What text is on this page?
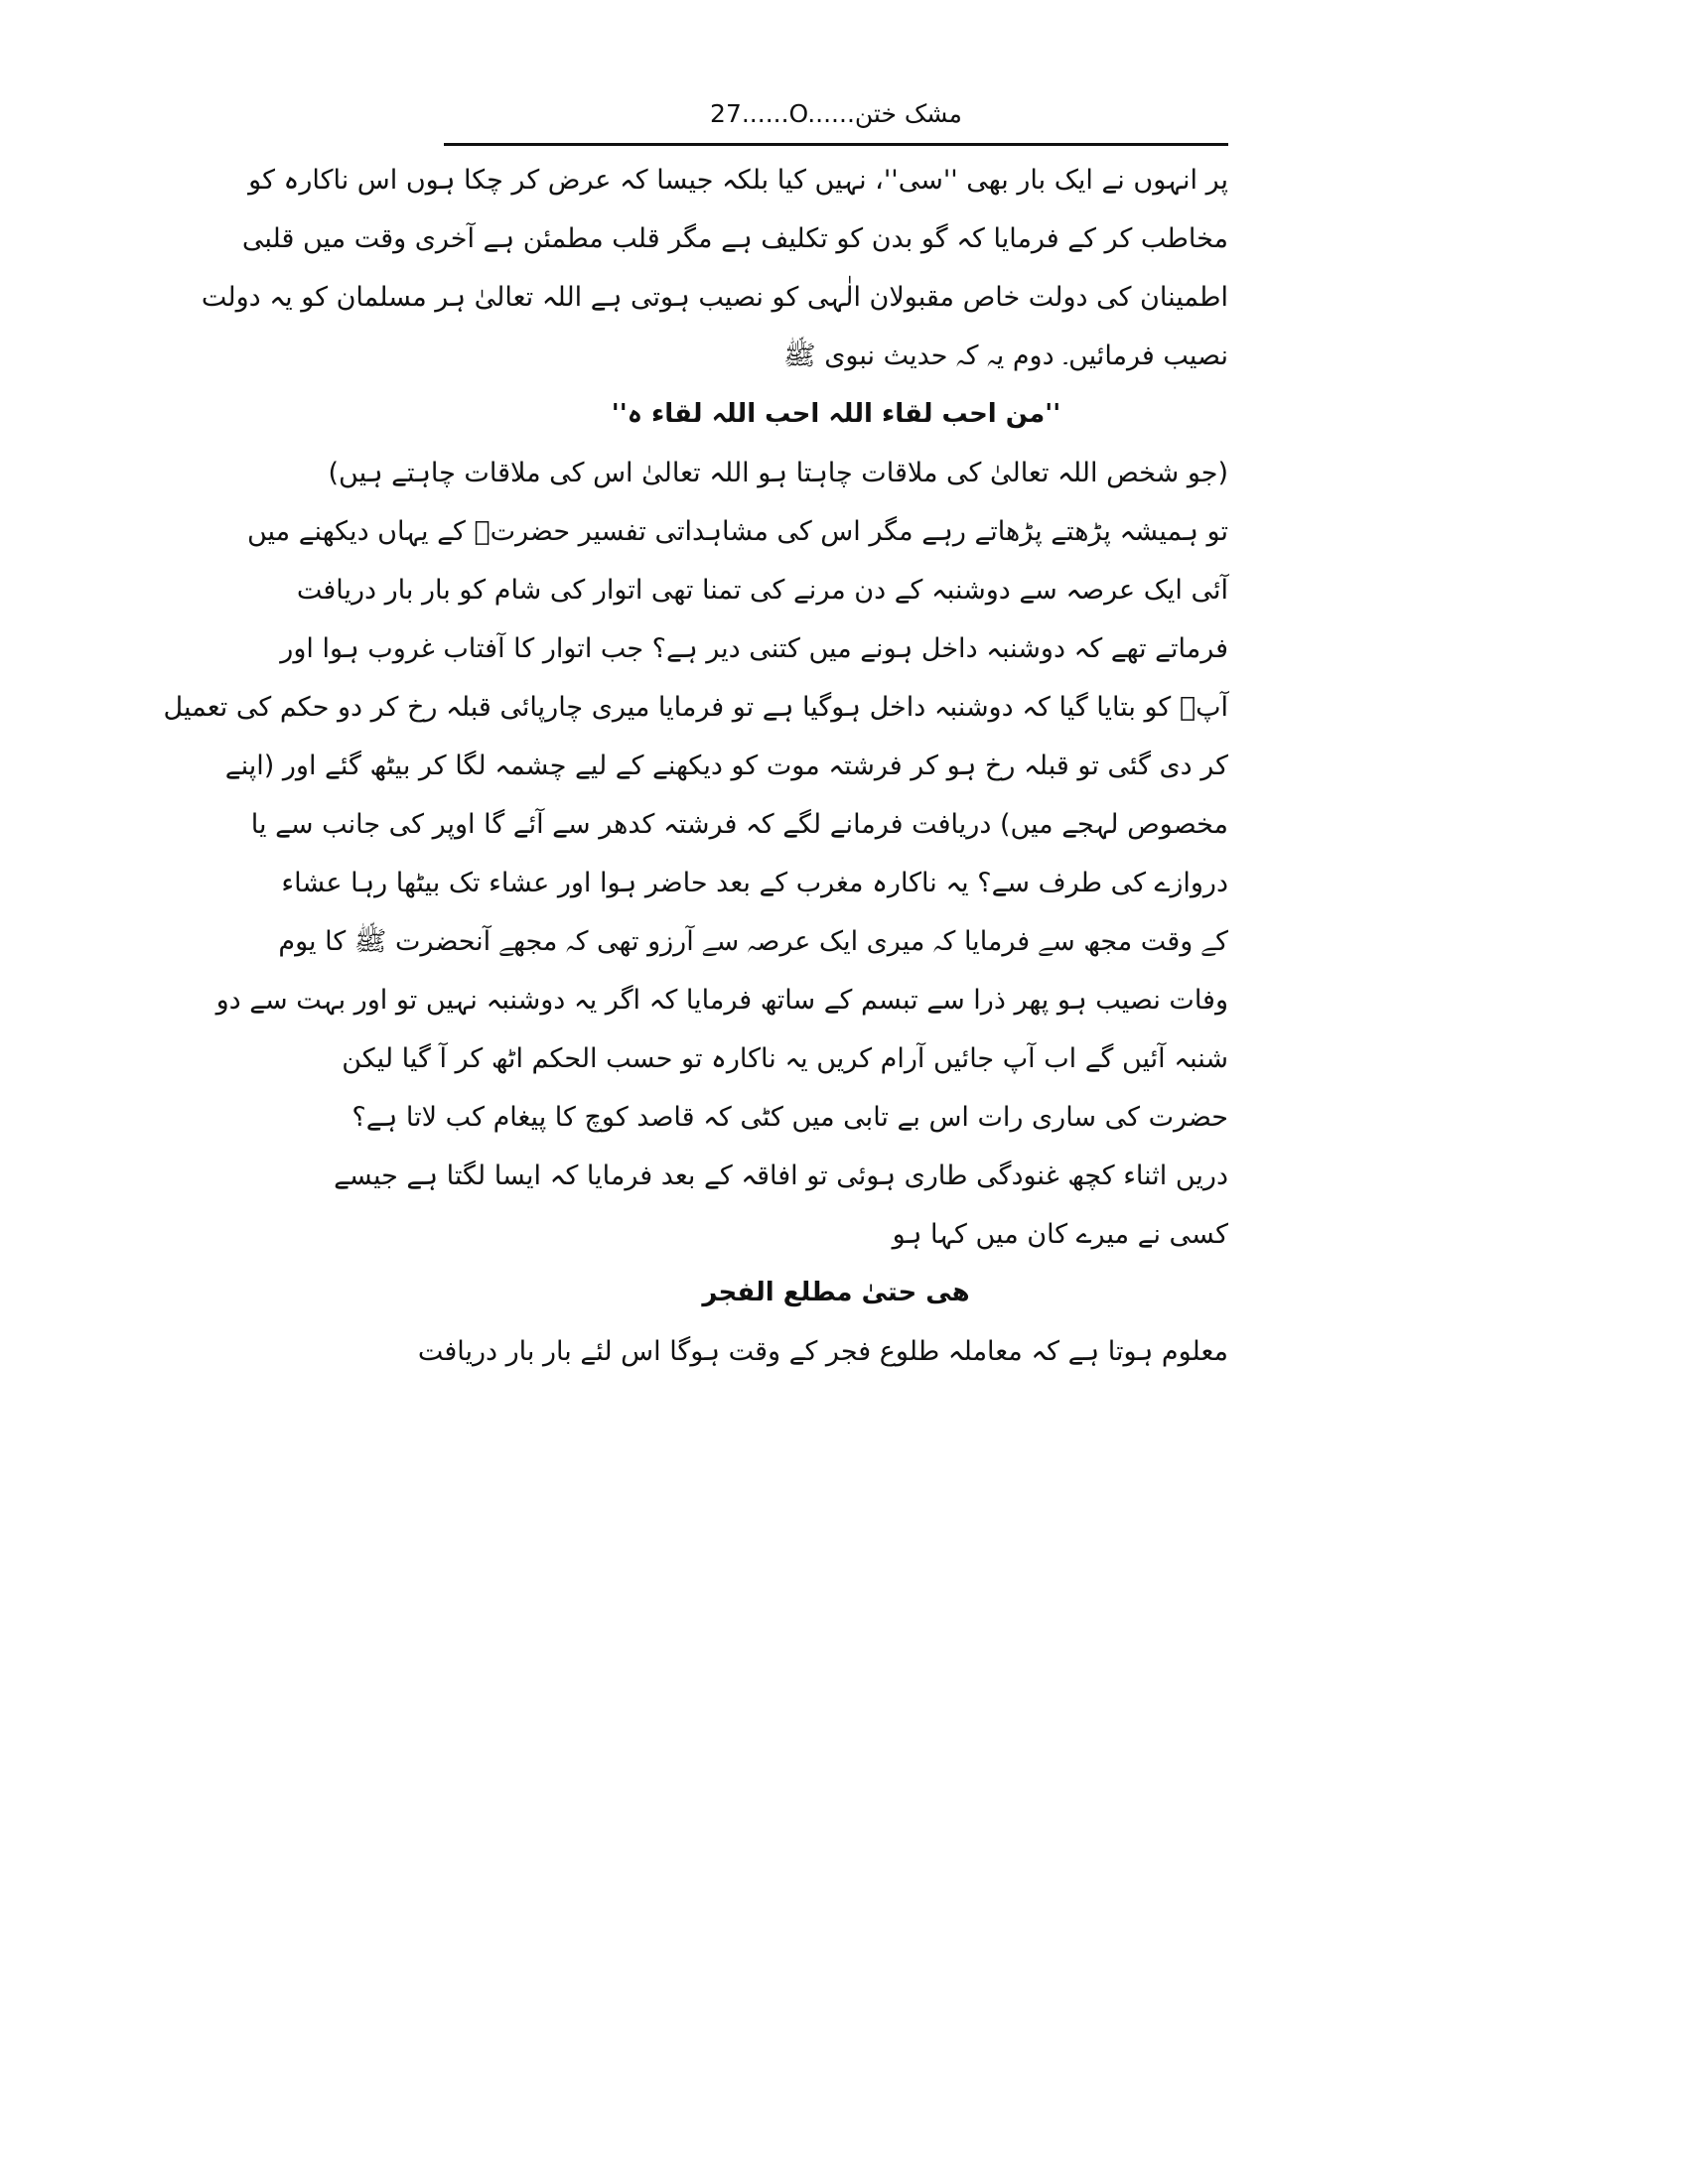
27......O......مشک ختن
پر انہوں نے ایک بار بھی ''سی''، نہیں کیا بلکہ جیسا کہ عرض کر چکا ہوں اس ناکارہ کو
مخاطب کر کے فرمایا کہ گو بدن کو تکلیف ہے مگر قلب مطمئن ہے آخری وقت میں قلبی
اطمینان کی دولت خاص مقبولان الٰہی کو نصیب ہوتی ہے اللہ تعالیٰ ہر مسلمان کو یہ دولت
نصیب فرمائیں۔ دوم یہ کہ حدیث نبوی ﷺ
''من احب لقاء اللہ احب اللہ لقاء ہ''
(جو شخص اللہ تعالیٰ کی ملاقات چاہتا ہو اللہ تعالیٰ اس کی ملاقات چاہتے ہیں)
تو ہمیشہ پڑھتے پڑھاتے رہے مگر اس کی مشاہداتی تفسیر حضرتؒ کے یہاں دیکھنے میں
آئی ایک عرصہ سے دوشنبہ کے دن مرنے کی تمنا تھی اتوار کی شام کو بار بار دریافت
فرماتے تھے کہ دوشنبہ داخل ہونے میں کتنی دیر ہے؟ جب اتوار کا آفتاب غروب ہوا اور
آپؒ کو بتایا گیا کہ دوشنبہ داخل ہوگیا ہے تو فرمایا میری چارپائی قبلہ رخ کر دو حکم کی تعمیل
کر دی گئی تو قبلہ رخ ہو کر فرشتہ موت کو دیکھنے کے لیے چشمہ لگا کر بیٹھ گئے اور (اپنے
مخصوص لہجے میں) دریافت فرمانے لگے کہ فرشتہ کدھر سے آئے گا اوپر کی جانب سے یا
دروازے کی طرف سے؟ یہ ناکارہ مغرب کے بعد حاضر ہوا اور عشاء تک بیٹھا رہا عشاء
کے وقت مجھ سے فرمایا کہ میری ایک عرصہ سے آرزو تھی کہ مجھے آنحضرت ﷺ کا یوم
وفات نصیب ہو پھر ذرا سے تبسم کے ساتھ فرمایا کہ اگر یہ دوشنبہ نہیں تو اور بہت سے دو
شنبہ آئیں گے اب آپ جائیں آرام کریں یہ ناکارہ تو حسب الحکم اٹھ کر آ گیا لیکن
حضرت کی ساری رات اس بے تابی میں کٹی کہ قاصد کوچ کا پیغام کب لاتا ہے؟
دریں اثناء کچھ غنودگی طاری ہوئی تو افاقہ کے بعد فرمایا کہ ایسا لگتا ہے جیسے
کسی نے میرے کان میں کہا ہو
ھی حتیٰ مطلع الفجر
معلوم ہوتا ہے کہ معاملہ طلوع فجر کے وقت ہوگا اس لئے بار بار دریافت
